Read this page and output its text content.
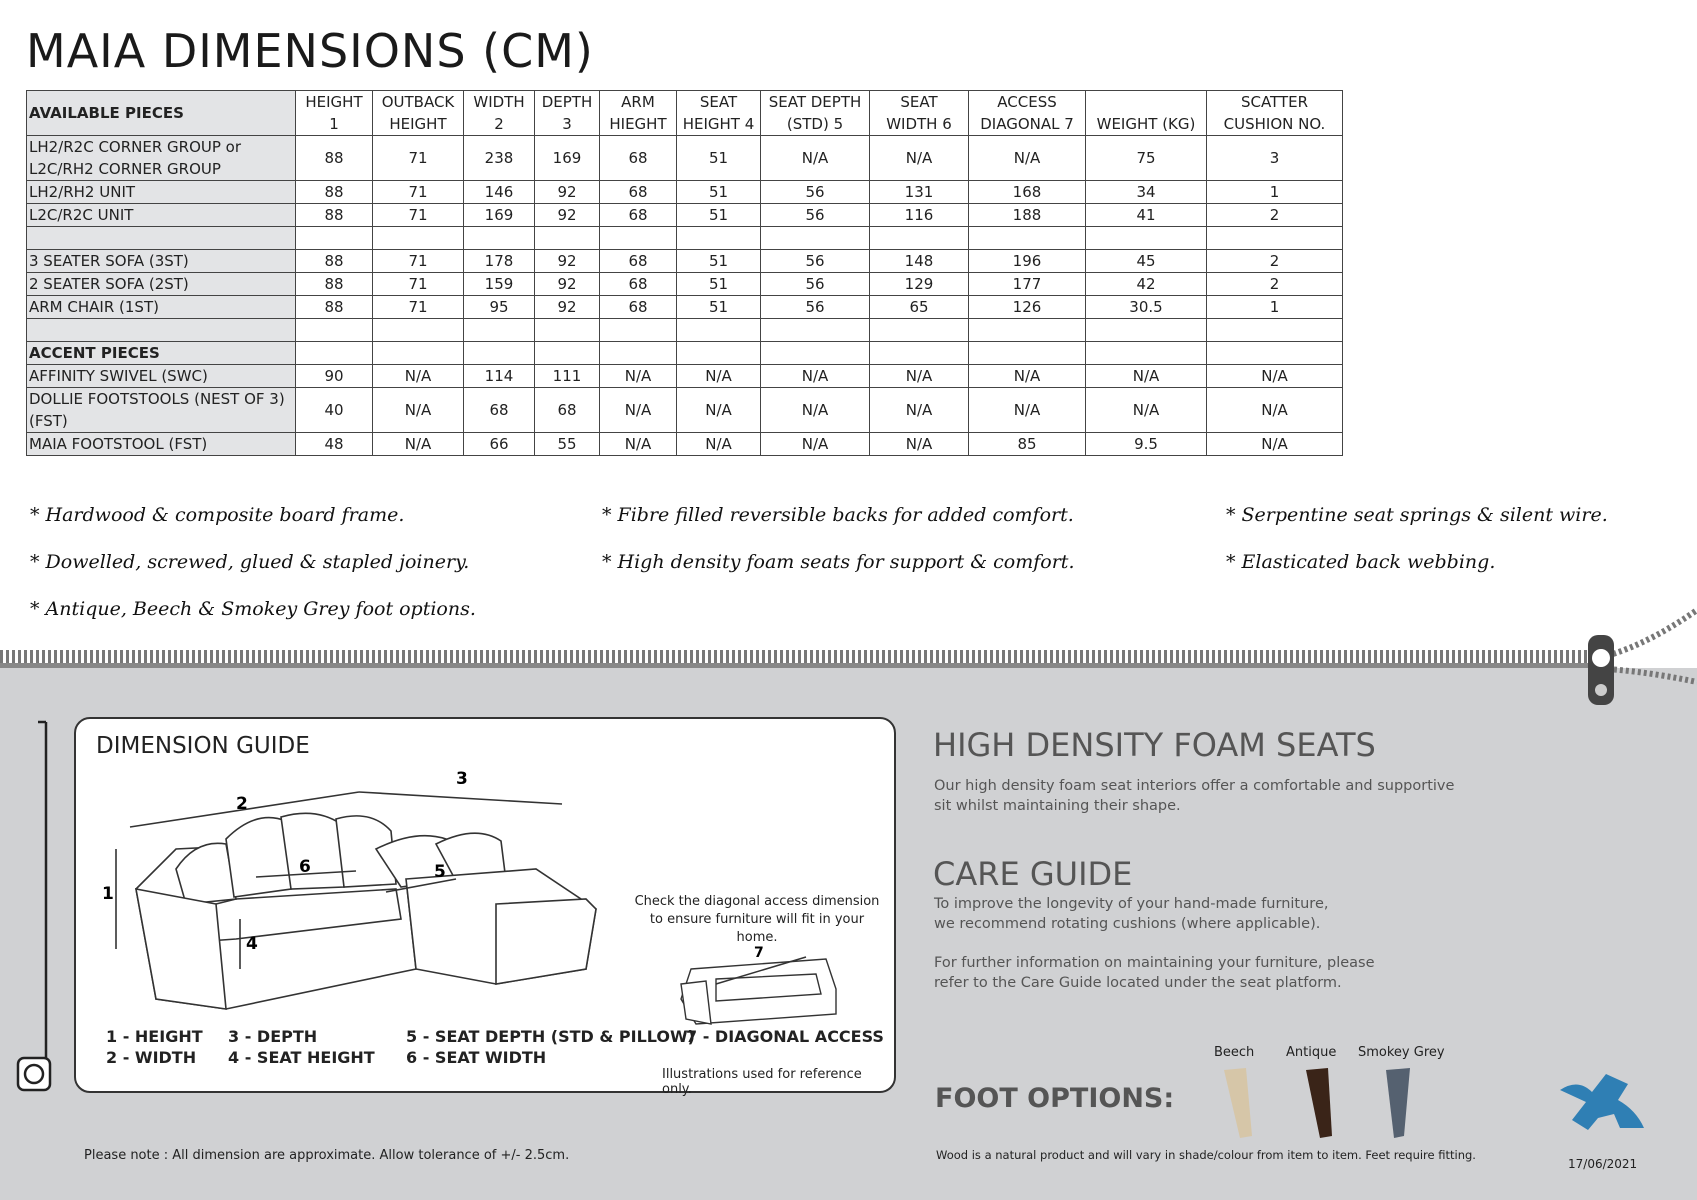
MAIA DIMENSIONS (CM)
AVAILABLE PIECES	HEIGHT	OUTBACK	WIDTH	DEPTH	ARM	SEAT	SEAT DEPTH	SEAT	ACCESS		SCATTER
	1	HEIGHT	2	3	HIEGHT	HEIGHT 4	(STD) 5	WIDTH 6	DIAGONAL 7	WEIGHT (KG)	CUSHION NO.

LH2/R2C CORNER GROUP or
L2C/RH2 CORNER GROUP	88	71	238	169	68	51	N/A	N/A	N/A	75	3

LH2/RH2 UNIT	88	71	146	92	68	51	56	131	168	34	1

L2C/R2C UNIT	88	71	169	92	68	51	56	116	188	41	2

3 SEATER SOFA (3ST)	88	71	178	92	68	51	56	148	196	45	2

2 SEATER SOFA (2ST)	88	71	159	92	68	51	56	129	177	42	2

ARM CHAIR (1ST)	88	71	95	92	68	51	56	65	126	30.5	1

ACCENT PIECES											

AFFINITY SWIVEL (SWC)	90	N/A	114	111	N/A	N/A	N/A	N/A	N/A	N/A	N/A

DOLLIE FOOTSTOOLS (NEST OF 3)
(FST)	40	N/A	68	68	N/A	N/A	N/A	N/A	N/A	N/A	N/A

MAIA FOOTSTOOL (FST)	48	N/A	66	55	N/A	N/A	N/A	N/A	85	9.5	N/A
* Hardwood & composite board frame.
* Dowelled, screwed, glued & stapled joinery.
* Antique, Beech & Smokey Grey foot options.
* Fibre filled reversible backs for added comfort.
* High density foam seats for support & comfort.
* Serpentine seat springs & silent wire.
* Elasticated back webbing.
DIMENSION GUIDE
2
3
1
4
5
6
Check the diagonal access dimension
to ensure furniture will fit in your home.
7
1 - HEIGHT
2 - WIDTH
3 - DEPTH
4 - SEAT HEIGHT
5 - SEAT DEPTH (STD & PILLOW)
6 - SEAT WIDTH
7 - DIAGONAL ACCESS
Illustrations used for reference only.
Please note : All dimension are approximate. Allow tolerance of +/- 2.5cm.
HIGH DENSITY FOAM SEATS
Our high density foam seat interiors offer a comfortable and supportive
sit whilst maintaining their shape.
CARE GUIDE
To improve the longevity of your hand-made furniture,
we recommend rotating cushions (where applicable).
For further information on maintaining your furniture, please
refer to the Care Guide located under the seat platform.
FOOT OPTIONS:
Beech Antique Smokey Grey
Wood is a natural product and will vary in shade/colour from item to item. Feet require fitting.
17/06/2021
